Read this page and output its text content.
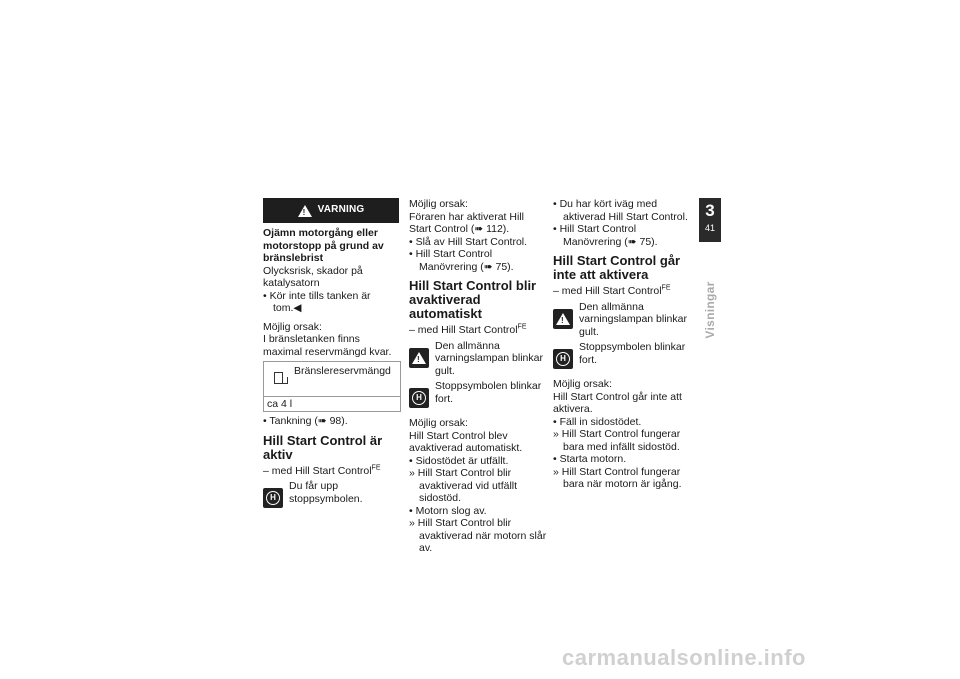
!
VARNING

Ojämn motorgång eller motorstopp på grund av bränslebrist

Olycksrisk, skador på katalysatorn

• Kör inte tills tanken är tom.◀

Möjlig orsak:

I bränsletanken finns maximal reservmängd kvar.

Bränslereservmängd
ca 4 l

• Tankning (➠ 98).

Hill Start Control är aktiv

– med Hill Start Control$^{FE}$

H
Du får upp stoppsymbolen.

Möjlig orsak:

Föraren har aktiverat Hill Start Control (➠ 112).

• Slå av Hill Start Control.

• Hill Start Control Manövrering (➠ 75).

Hill Start Control blir avaktiverad automatiskt

– med Hill Start Control$^{FE}$

!
Den allmänna varningslampan blinkar gult.
H
Stoppsymbolen blinkar fort.

Möjlig orsak:

Hill Start Control blev avaktiverad automatiskt.

• Sidostödet är utfällt.

» Hill Start Control blir avaktiverad vid utfällt sidostöd.

• Motorn slog av.

» Hill Start Control blir avaktiverad när motorn slår av.

• Du har kört iväg med aktiverad Hill Start Control.

• Hill Start Control Manövrering (➠ 75).

Hill Start Control går inte att aktivera

– med Hill Start Control$^{FE}$

!
Den allmänna varningslampan blinkar gult.
H
Stoppsymbolen blinkar fort.

Möjlig orsak:

Hill Start Control går inte att aktivera.

• Fäll in sidostödet.

» Hill Start Control fungerar bara med infällt sidostöd.

• Starta motorn.

» Hill Start Control fungerar bara när motorn är igång.

3
41
Visningar
carmanualsonline.info
